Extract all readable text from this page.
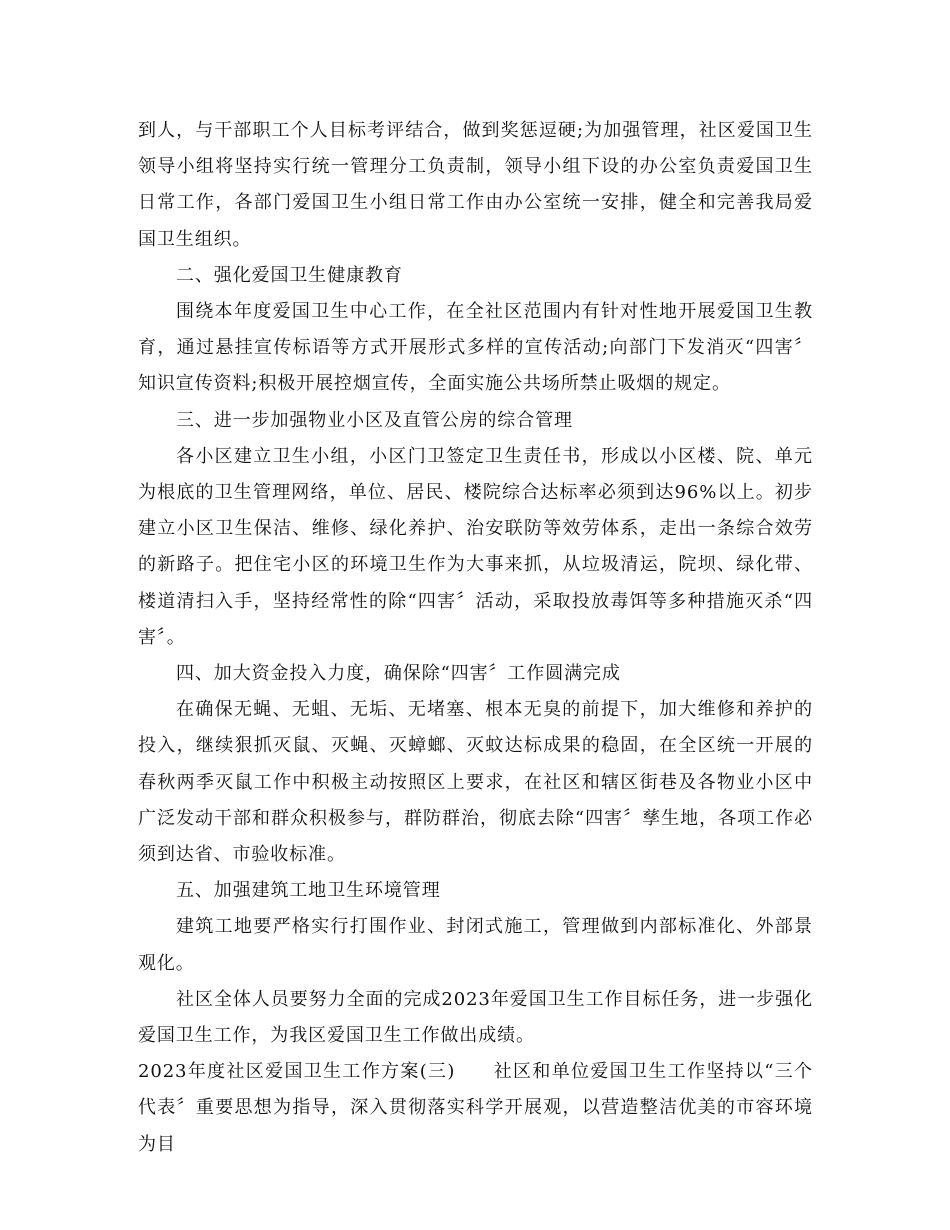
到人，与干部职工个人目标考评结合，做到奖惩逗硬;为加强管理，社区爱国卫生领导小组将坚持实行统一管理分工负责制，领导小组下设的办公室负责爱国卫生日常工作，各部门爱国卫生小组日常工作由办公室统一安排，健全和完善我局爱国卫生组织。

二、强化爱国卫生健康教育

围绕本年度爱国卫生中心工作，在全社区范围内有针对性地开展爱国卫生教育，通过悬挂宣传标语等方式开展形式多样的宣传活动;向部门下发消灭“四害〞知识宣传资料;积极开展控烟宣传，全面实施公共场所禁止吸烟的规定。

三、进一步加强物业小区及直管公房的综合管理

各小区建立卫生小组，小区门卫签定卫生责任书，形成以小区楼、院、单元为根底的卫生管理网络，单位、居民、楼院综合达标率必须到达96%以上。初步建立小区卫生保洁、维修、绿化养护、治安联防等效劳体系，走出一条综合效劳的新路子。把住宅小区的环境卫生作为大事来抓，从垃圾清运，院坝、绿化带、楼道清扫入手，坚持经常性的除“四害〞活动，采取投放毒饵等多种措施灭杀“四害〞。

四、加大资金投入力度，确保除“四害〞工作圆满完成

在确保无蝇、无蛆、无垢、无堵塞、根本无臭的前提下，加大维修和养护的投入，继续狠抓灭鼠、灭蝇、灭蟑螂、灭蚊达标成果的稳固，在全区统一开展的春秋两季灭鼠工作中积极主动按照区上要求，在社区和辖区街巷及各物业小区中广泛发动干部和群众积极参与，群防群治，彻底去除“四害〞孳生地，各项工作必须到达省、市验收标准。

五、加强建筑工地卫生环境管理

建筑工地要严格实行打围作业、封闭式施工，管理做到内部标准化、外部景观化。

社区全体人员要努力全面的完成2023年爱国卫生工作目标任务，进一步强化爱国卫生工作，为我区爱国卫生工作做出成绩。

2023年度社区爱国卫生工作方案(三) 社区和单位爱国卫生工作坚持以“三个代表〞重要思想为指导，深入贯彻落实科学开展观，以营造整洁优美的市容环境为目
